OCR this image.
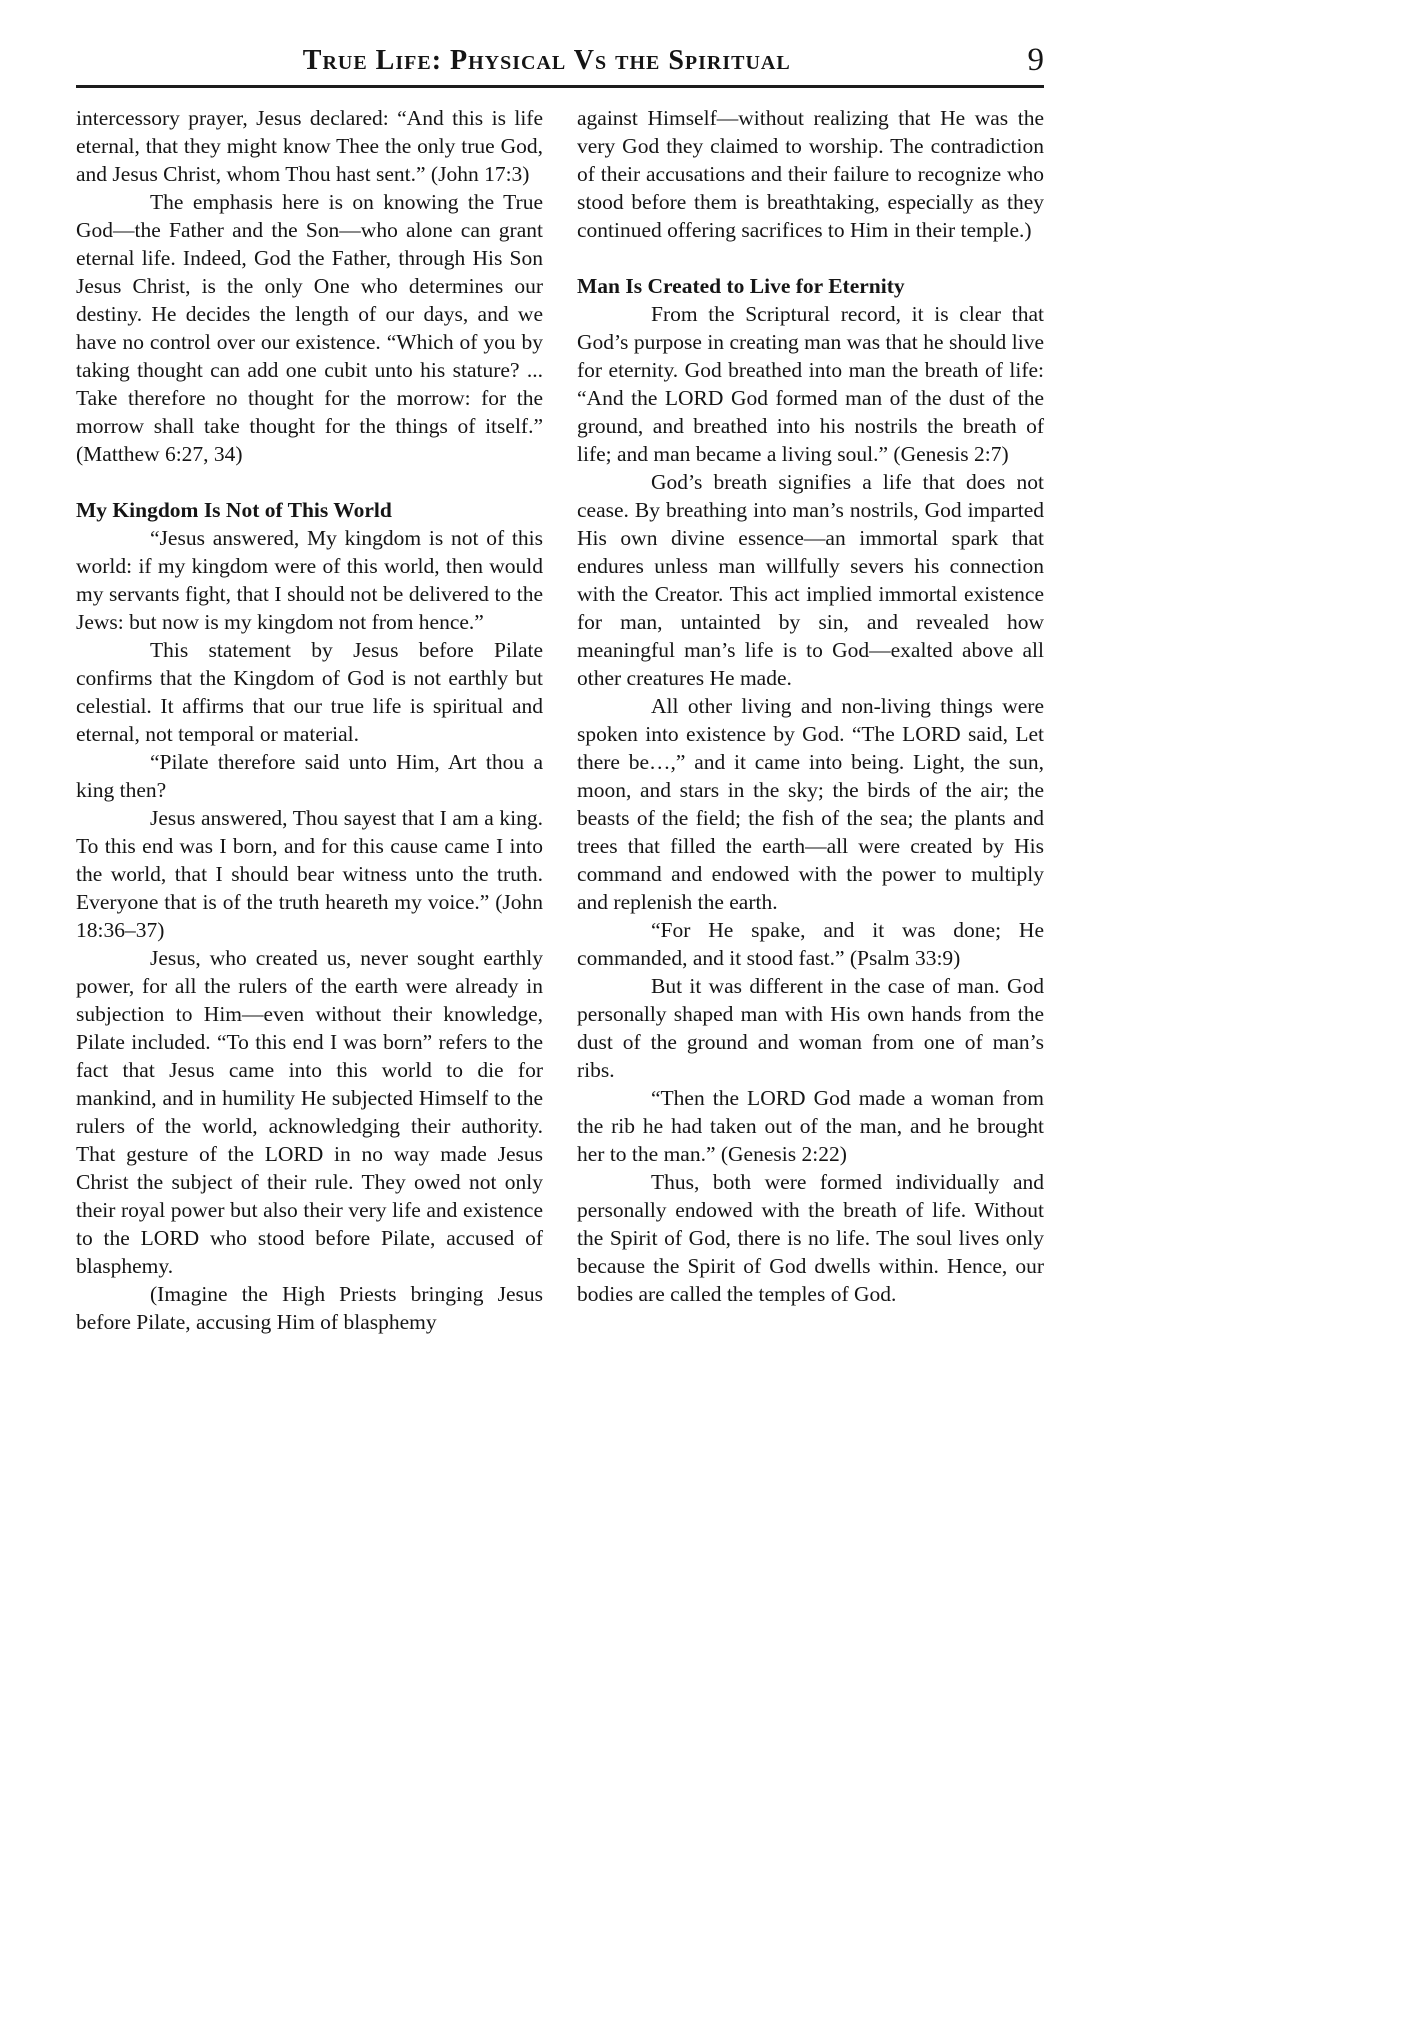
True Life: Physical Vs the Spiritual	9

intercessory prayer, Jesus declared: “And this is life eternal, that they might know Thee the only true God, and Jesus Christ, whom Thou hast sent.” (John 17:3)

The emphasis here is on knowing the True God—the Father and the Son—who alone can grant eternal life. Indeed, God the Father, through His Son Jesus Christ, is the only One who determines our destiny. He decides the length of our days, and we have no control over our existence. “Which of you by taking thought can add one cubit unto his stature? ... Take therefore no thought for the morrow: for the morrow shall take thought for the things of itself.” (Matthew 6:27, 34)

My Kingdom Is Not of This World

“Jesus answered, My kingdom is not of this world: if my kingdom were of this world, then would my servants fight, that I should not be delivered to the Jews: but now is my kingdom not from hence.”

This statement by Jesus before Pilate confirms that the Kingdom of God is not earthly but celestial. It affirms that our true life is spiritual and eternal, not temporal or material.

“Pilate therefore said unto Him, Art thou a king then?

Jesus answered, Thou sayest that I am a king. To this end was I born, and for this cause came I into the world, that I should bear witness unto the truth. Everyone that is of the truth heareth my voice.” (John 18:36–37)

Jesus, who created us, never sought earthly power, for all the rulers of the earth were already in subjection to Him—even without their knowledge, Pilate included. “To this end I was born” refers to the fact that Jesus came into this world to die for mankind, and in humility He subjected Himself to the rulers of the world, acknowledging their authority. That gesture of the LORD in no way made Jesus Christ the subject of their rule. They owed not only their royal power but also their very life and existence to the LORD who stood before Pilate, accused of blasphemy.

(Imagine the High Priests bringing Jesus before Pilate, accusing Him of blasphemy

against Himself—without realizing that He was the very God they claimed to worship. The contradiction of their accusations and their failure to recognize who stood before them is breathtaking, especially as they continued offering sacrifices to Him in their temple.)

Man Is Created to Live for Eternity

From the Scriptural record, it is clear that God’s purpose in creating man was that he should live for eternity. God breathed into man the breath of life: “And the LORD God formed man of the dust of the ground, and breathed into his nostrils the breath of life; and man became a living soul.” (Genesis 2:7)

God’s breath signifies a life that does not cease. By breathing into man’s nostrils, God imparted His own divine essence—an immortal spark that endures unless man willfully severs his connection with the Creator. This act implied immortal existence for man, untainted by sin, and revealed how meaningful man’s life is to God—exalted above all other creatures He made.

All other living and non-living things were spoken into existence by God. “The LORD said, Let there be…,” and it came into being. Light, the sun, moon, and stars in the sky; the birds of the air; the beasts of the field; the fish of the sea; the plants and trees that filled the earth—all were created by His command and endowed with the power to multiply and replenish the earth.

“For He spake, and it was done; He commanded, and it stood fast.” (Psalm 33:9)

But it was different in the case of man. God personally shaped man with His own hands from the dust of the ground and woman from one of man’s ribs.

“Then the LORD God made a woman from the rib he had taken out of the man, and he brought her to the man.” (Genesis 2:22)

Thus, both were formed individually and personally endowed with the breath of life. Without the Spirit of God, there is no life. The soul lives only because the Spirit of God dwells within. Hence, our bodies are called the temples of God.
